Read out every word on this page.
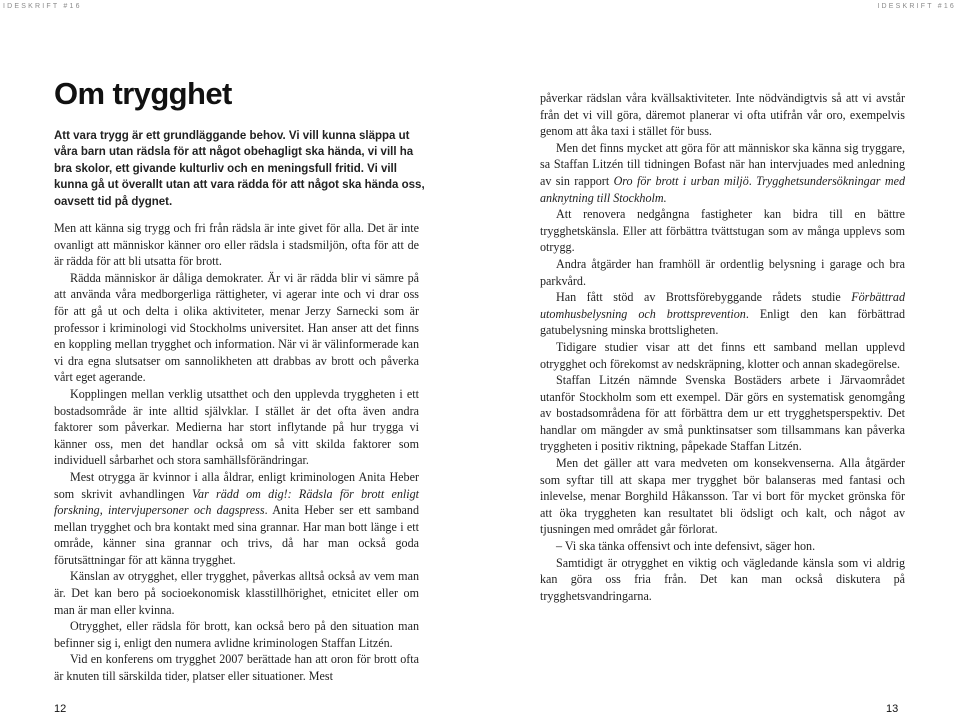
IDESKRIFT #16	IDESKRIFT #16
Om trygghet

Att vara trygg är ett grundläggande behov. Vi vill kunna släppa ut våra barn utan rädsla för att något obehagligt ska hända, vi vill ha bra skolor, ett givande kulturliv och en meningsfull fritid. Vi vill kunna gå ut överallt utan att vara rädda för att något ska hända oss, oavsett tid på dygnet.

Men att känna sig trygg och fri från rädsla är inte givet för alla. Det är inte ovanligt att människor känner oro eller rädsla i stadsmiljön, ofta för att de är rädda för att bli utsatta för brott.

Rädda människor är dåliga demokrater. Är vi är rädda blir vi sämre på att använda våra medborgerliga rättigheter, vi agerar inte och vi drar oss för att gå ut och delta i olika aktiviteter, menar Jerzy Sarnecki som är professor i kriminologi vid Stockholms universitet. Han anser att det finns en koppling mellan trygghet och information. När vi är välinformerade kan vi dra egna slutsatser om sannolikheten att drabbas av brott och påverka vårt eget agerande.

Kopplingen mellan verklig utsatthet och den upplevda tryggheten i ett bostadsområde är inte alltid självklar. I stället är det ofta även andra faktorer som påverkar. Medierna har stort inflytande på hur trygga vi känner oss, men det handlar också om så vitt skilda faktorer som individuell sårbarhet och stora samhällsförändringar.

Mest otrygga är kvinnor i alla åldrar, enligt kriminologen Anita Heber som skrivit avhandlingen Var rädd om dig!: Rädsla för brott enligt forskning, intervjupersoner och dagspress. Anita Heber ser ett samband mellan trygghet och bra kontakt med sina grannar. Har man bott länge i ett område, känner sina grannar och trivs, då har man också goda förutsättningar för att känna trygghet.

Känslan av otrygghet, eller trygghet, påverkas alltså också av vem man är. Det kan bero på socioekonomisk klasstillhörighet, etnicitet eller om man är man eller kvinna.

Otrygghet, eller rädsla för brott, kan också bero på den situation man befinner sig i, enligt den numera avlidne kriminologen Staffan Litzén.

Vid en konferens om trygghet 2007 berättade han att oron för brott ofta är knuten till särskilda tider, platser eller situationer. Mest

påverkar rädslan våra kvällsaktiviteter. Inte nödvändigtvis så att vi avstår från det vi vill göra, däremot planerar vi ofta utifrån vår oro, exempelvis genom att åka taxi i stället för buss.

Men det finns mycket att göra för att människor ska känna sig tryggare, sa Staffan Litzén till tidningen Bofast när han intervjuades med anledning av sin rapport Oro för brott i urban miljö. Trygghetsundersökningar med anknytning till Stockholm.

Att renovera nedgångna fastigheter kan bidra till en bättre trygghetskänsla. Eller att förbättra tvättstugan som av många upplevs som otrygg.

Andra åtgärder han framhöll är ordentlig belysning i garage och bra parkvård.

Han fått stöd av Brottsförebyggande rådets studie Förbättrad utomhusbelysning och brottsprevention. Enligt den kan förbättrad gatubelysning minska brottsligheten.

Tidigare studier visar att det finns ett samband mellan upplevd otrygghet och förekomst av nedskräpning, klotter och annan skadegörelse.

Staffan Litzén nämnde Svenska Bostäders arbete i Järvaområdet utanför Stockholm som ett exempel. Där görs en systematisk genomgång av bostadsområdena för att förbättra dem ur ett trygghetsperspektiv. Det handlar om mängder av små punktinsatser som tillsammans kan påverka tryggheten i positiv riktning, påpekade Staffan Litzén.

Men det gäller att vara medveten om konsekvenserna. Alla åtgärder som syftar till att skapa mer trygghet bör balanseras med fantasi och inlevelse, menar Borghild Håkansson. Tar vi bort för mycket grönska för att öka tryggheten kan resultatet bli ödsligt och kalt, och något av tjusningen med området går förlorat.

– Vi ska tänka offensivt och inte defensivt, säger hon.

Samtidigt är otrygghet en viktig och vägledande känsla som vi aldrig kan göra oss fria från. Det kan man också diskutera på trygghetsvandringarna.

12	13
